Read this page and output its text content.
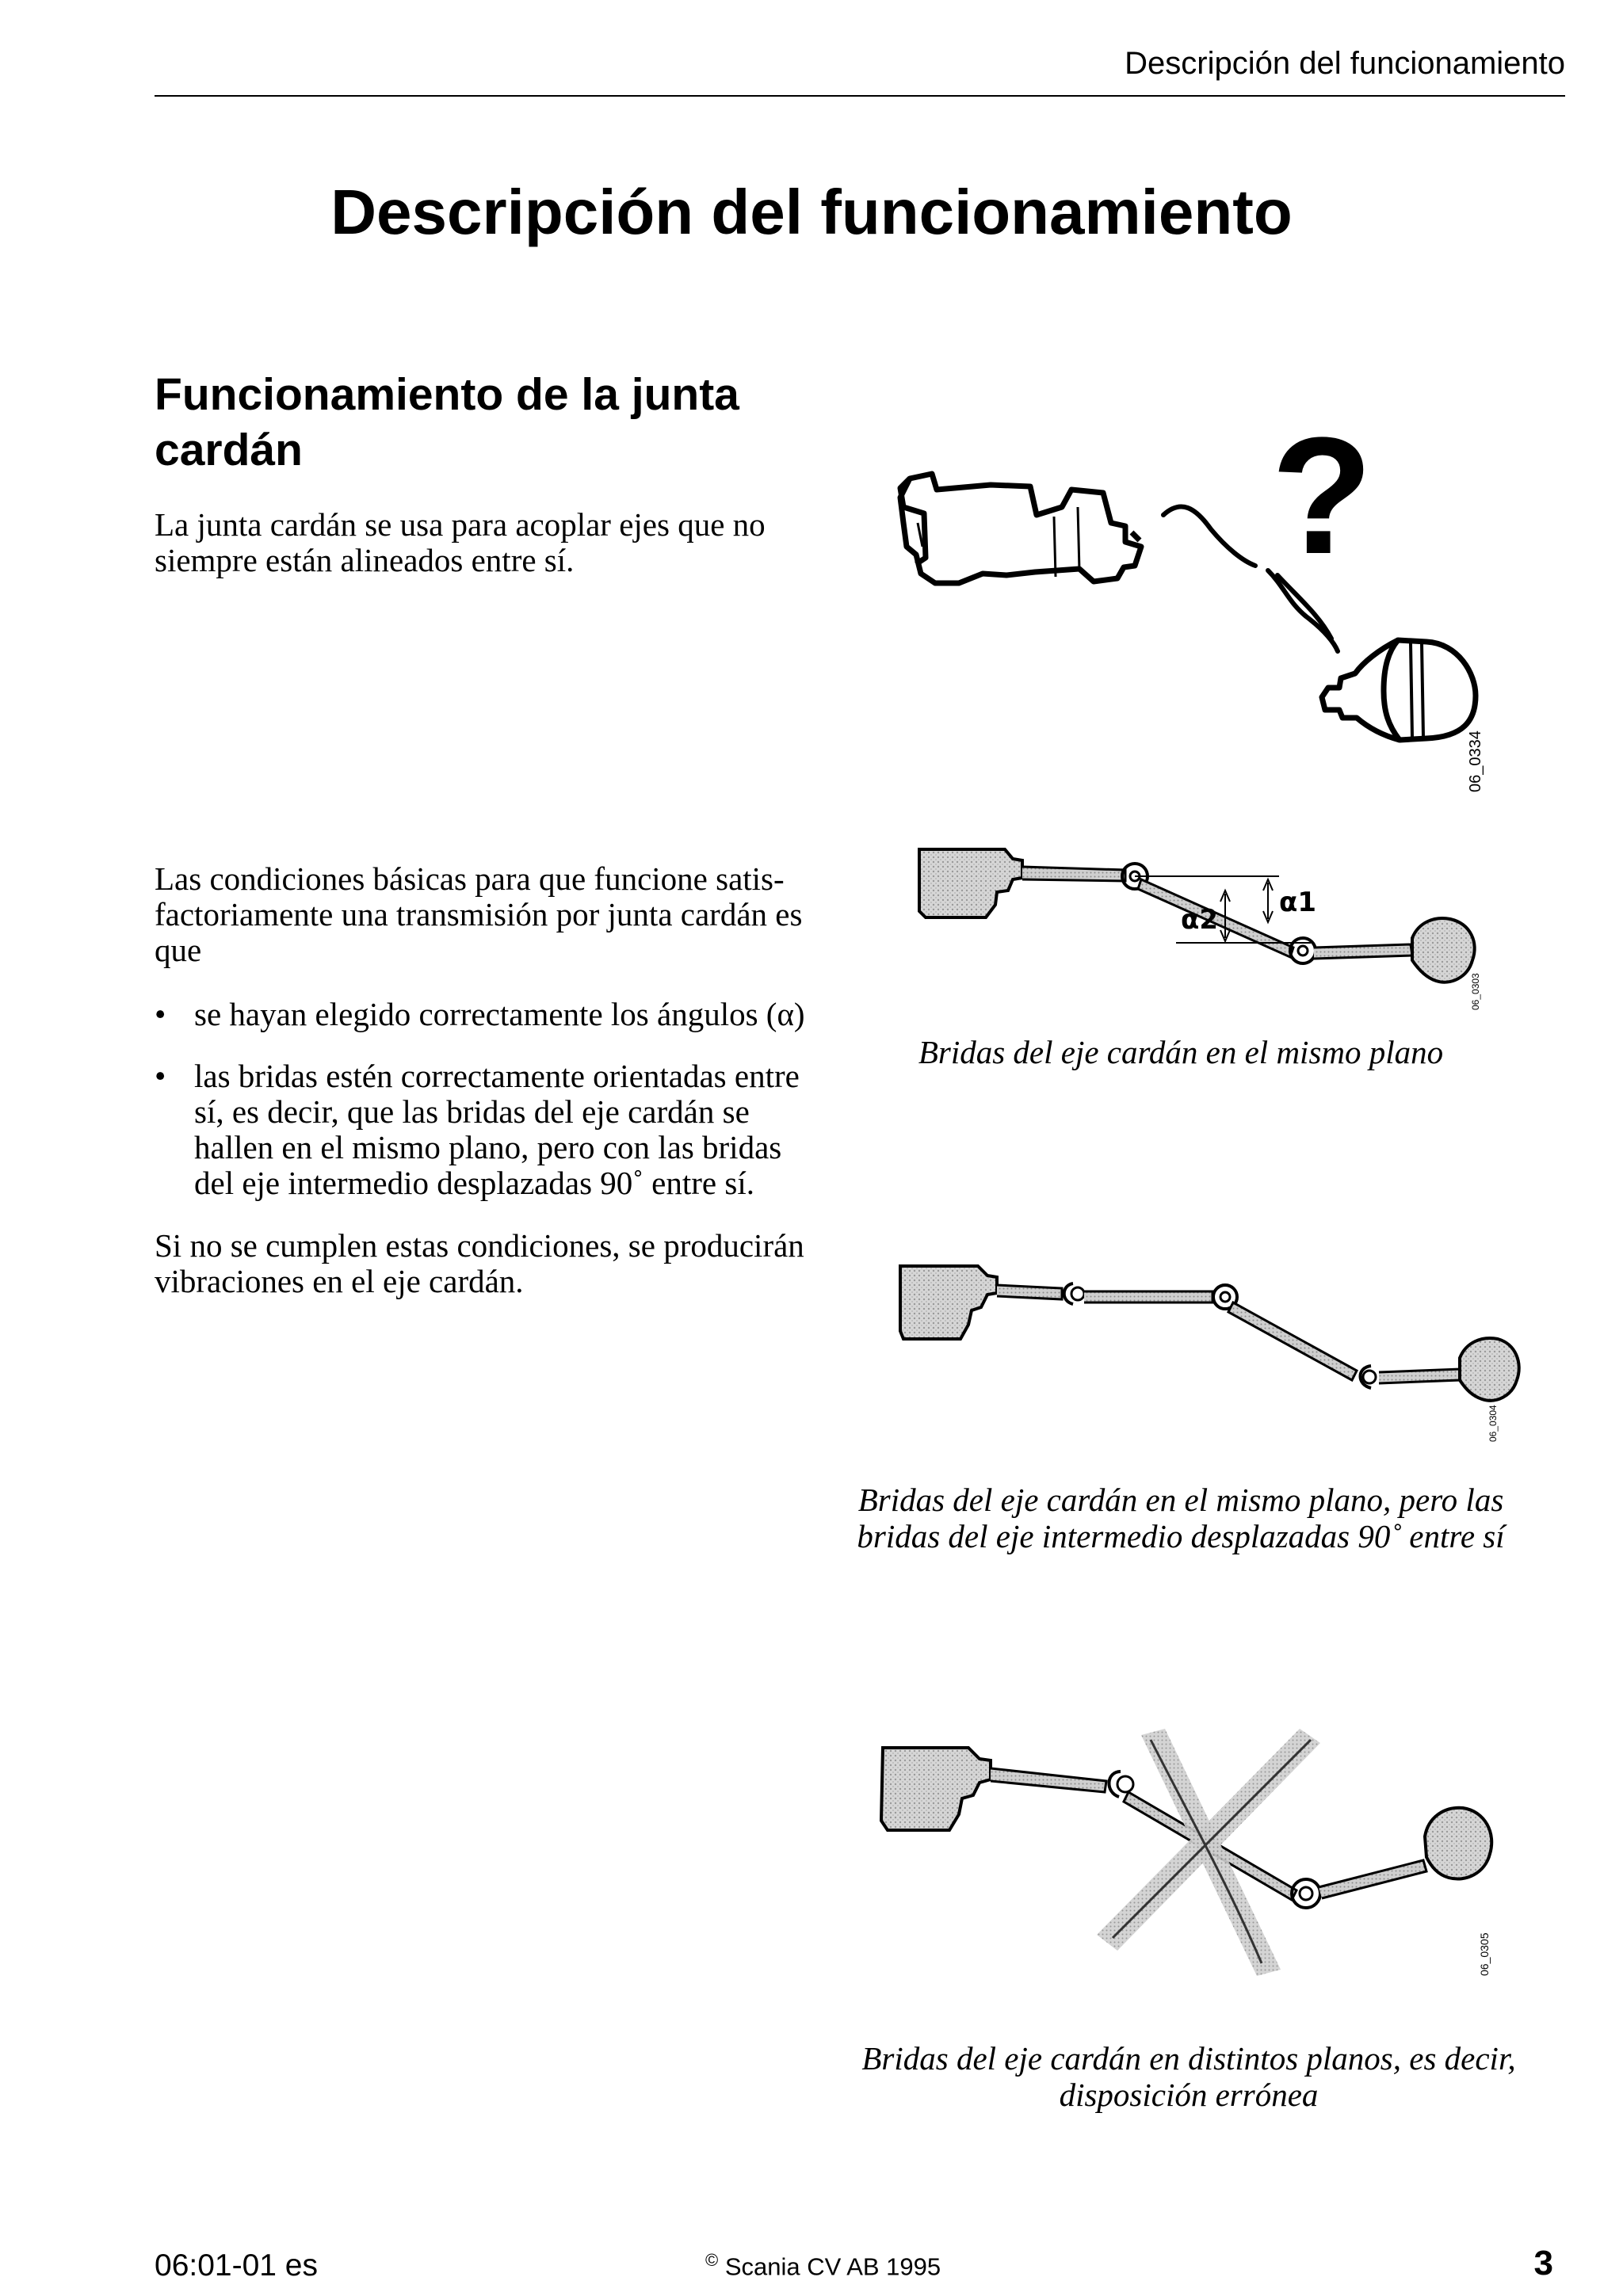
Descripción del funcionamiento
Descripción del funcionamiento
Funcionamiento de la junta cardán
La junta cardán se usa para acoplar ejes que no siempre están alineados entre sí.
Las condiciones básicas para que funcione satisfactoriamente una transmisión por junta cardán es que
• se hayan elegido correctamente los ángulos (α)
• las bridas estén correctamente orientadas entre sí, es decir, que las bridas del eje cardán se hallen en el mismo plano, pero con las bridas del eje intermedio desplazadas 90˚ entre sí.
Si no se cumplen estas condiciones, se producirán vibraciones en el eje cardán.
?
06_0334
α1
α2
06_0303
06_0304
06_0305
Bridas del eje cardán en el mismo plano
Bridas del eje cardán en el mismo plano, pero las bridas del eje intermedio desplazadas 90˚ entre sí
Bridas del eje cardán en distintos planos, es decir, disposición errónea
06:01-01 es	© Scania CV AB 1995	3
